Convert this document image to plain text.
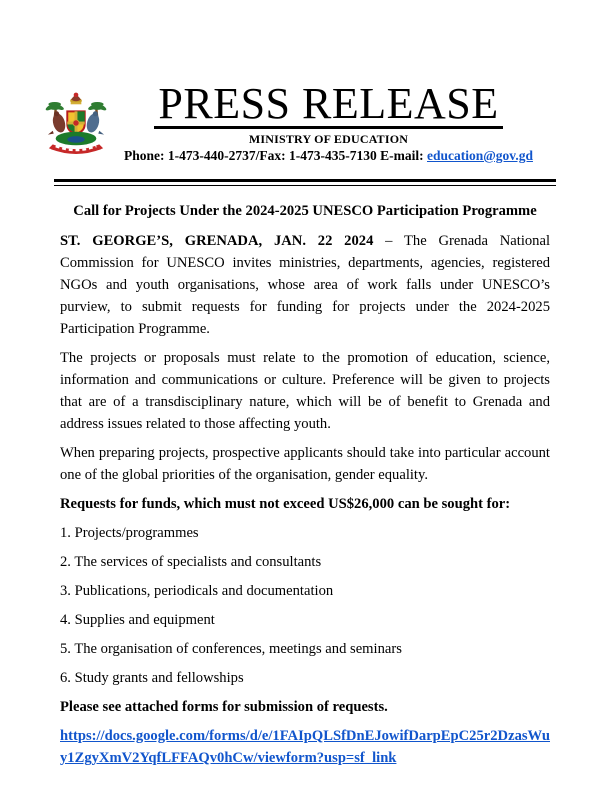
PRESS RELEASE
MINISTRY OF EDUCATION
Phone: 1-473-440-2737/Fax: 1-473-435-7130 E-mail: education@gov.gd
Call for Projects Under the 2024-2025 UNESCO Participation Programme

ST. GEORGE’S, GRENADA, JAN. 22 2024 – The Grenada National Commission for UNESCO invites ministries, departments, agencies, registered NGOs and youth organisations, whose area of work falls under UNESCO’s purview, to submit requests for funding for projects under the 2024-2025 Participation Programme.

The projects or proposals must relate to the promotion of education, science, information and communications or culture. Preference will be given to projects that are of a transdisciplinary nature, which will be of benefit to Grenada and address issues related to those affecting youth.

When preparing projects, prospective applicants should take into particular account one of the global priorities of the organisation, gender equality.

Requests for funds, which must not exceed US$26,000 can be sought for:

1. Projects/programmes

2. The services of specialists and consultants

3. Publications, periodicals and documentation

4. Supplies and equipment

5. The organisation of conferences, meetings and seminars

6. Study grants and fellowships

Please see attached forms for submission of requests.

https://docs.google.com/forms/d/e/1FAIpQLSfDnEJowifDarpEpC25r2DzasWuy1ZgyXmV2YqfLFFAQv0hCw/viewform?usp=sf_link
